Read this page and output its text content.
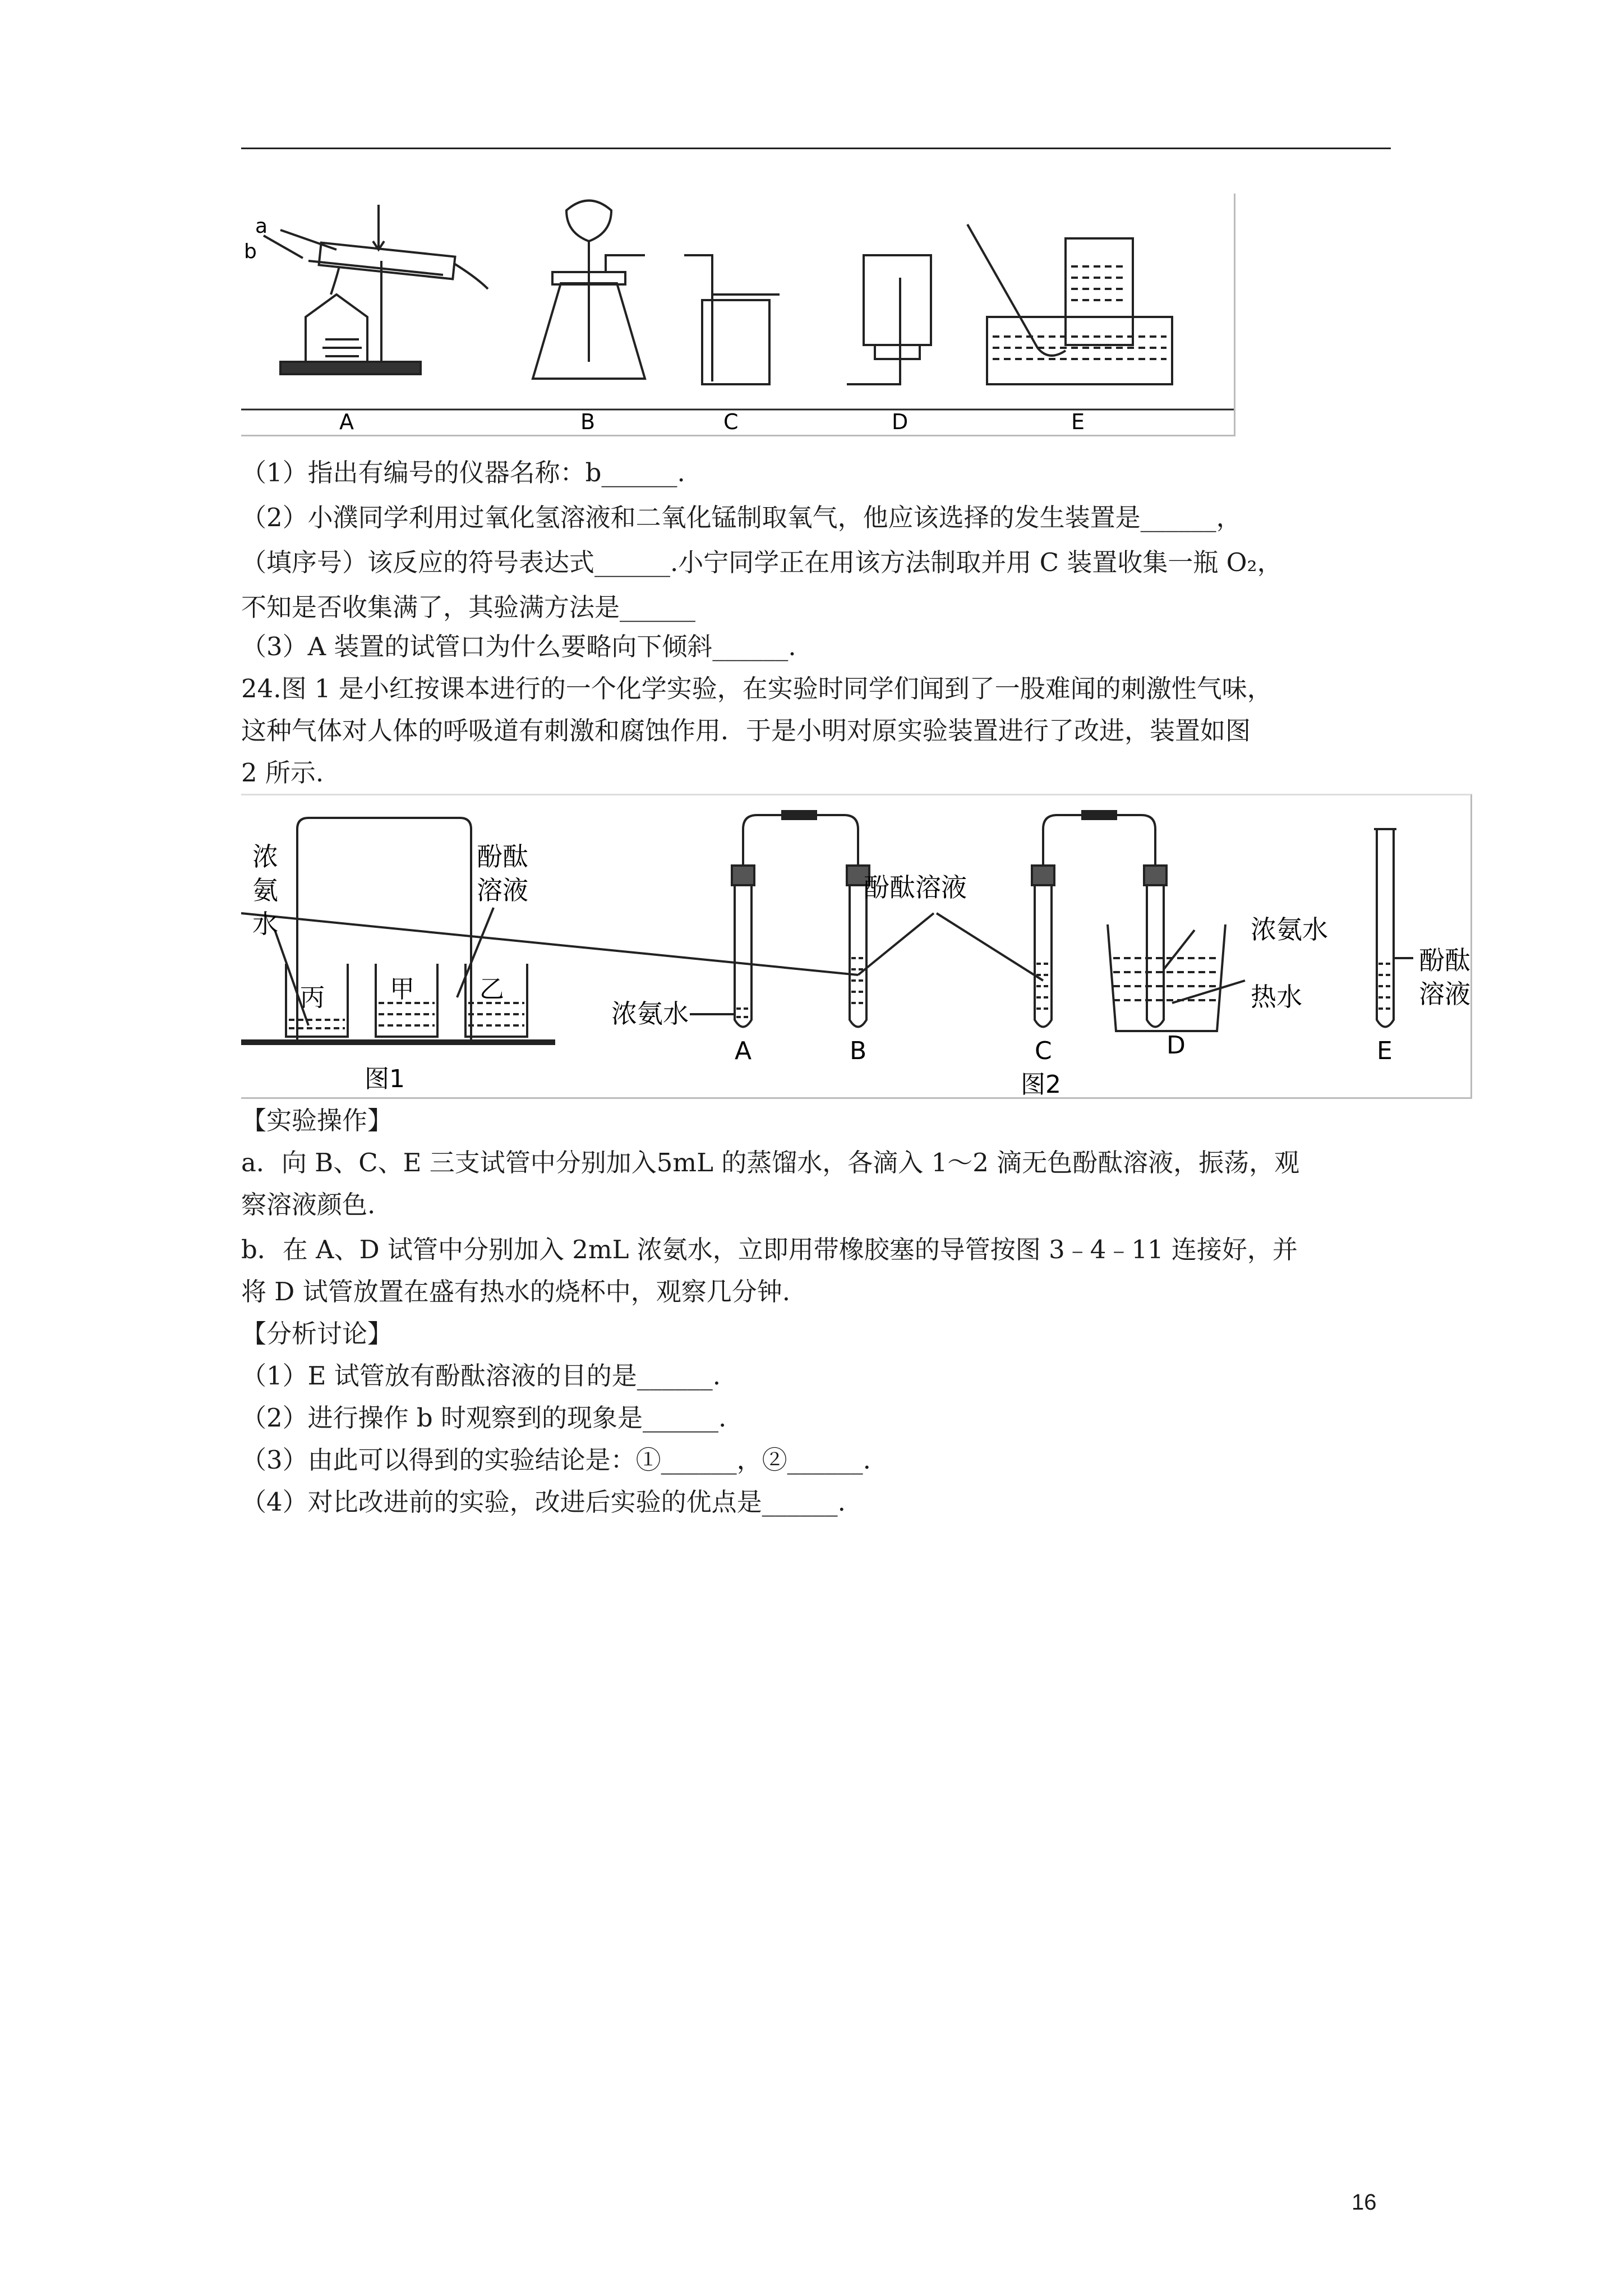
a
b
A	B	C	D	E
（1）指出有编号的仪器名称：b______.
（2）小濮同学利用过氧化氢溶液和二氧化锰制取氧气，他应该选择的发生装置是______，
（填序号）该反应的符号表达式______.小宁同学正在用该方法制取并用 C 装置收集一瓶 O₂，
不知是否收集满了，其验满方法是______
（3）A 装置的试管口为什么要略向下倾斜______.
24.图 1 是小红按课本进行的一个化学实验，在实验时同学们闻到了一股难闻的刺激性气味，
这种气体对人体的呼吸道有刺激和腐蚀作用．于是小明对原实验装置进行了改进，装置如图
2 所示.
浓
氨
水
酚酞
溶液
丙	甲	乙
图1
酚酞溶液
浓氨水
浓氨水
热水
酚酞
溶液
A	B	C	D	E
图2
【实验操作】
a．向 B、C、E 三支试管中分别加入5mL 的蒸馏水，各滴入 1～2 滴无色酚酞溶液，振荡，观
察溶液颜色.
b．在 A、D 试管中分别加入 2mL 浓氨水，立即用带橡胶塞的导管按图 3﹣4﹣11 连接好，并
将 D 试管放置在盛有热水的烧杯中，观察几分钟.
【分析讨论】
（1）E 试管放有酚酞溶液的目的是______.
（2）进行操作 b 时观察到的现象是______.
（3）由此可以得到的实验结论是：①______，②______.
（4）对比改进前的实验，改进后实验的优点是______.
16
